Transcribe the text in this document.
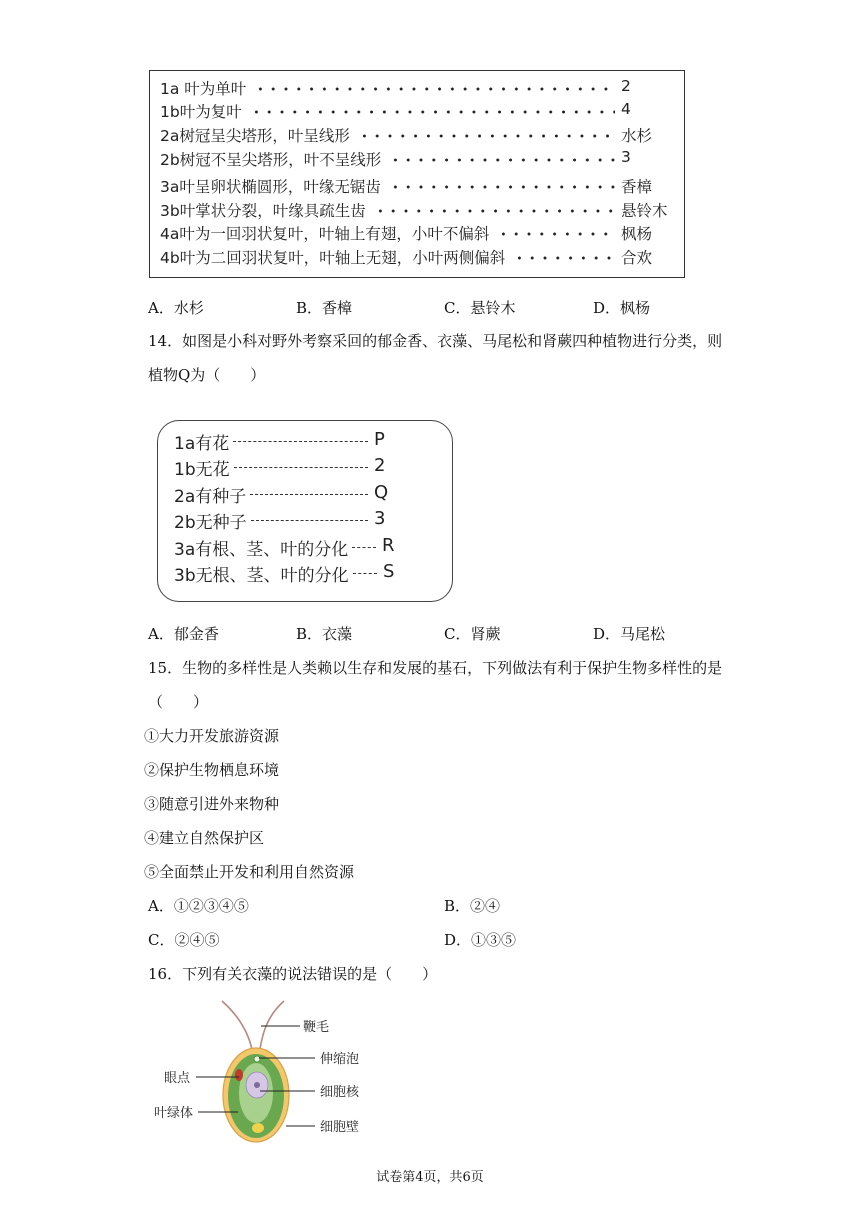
1a 叶为单叶	2
1b叶为复叶	4
2a树冠呈尖塔形，叶呈线形	水杉
2b树冠不呈尖塔形，叶不呈线形	3
3a叶呈卵状椭圆形，叶缘无锯齿	香樟
3b叶掌状分裂，叶缘具疏生齿	悬铃木
4a叶为一回羽状复叶，叶轴上有翅，小叶不偏斜	枫杨
4b叶为二回羽状复叶，叶轴上无翅，小叶两侧偏斜	合欢
A．水杉	B．香樟	C．悬铃木	D．枫杨
14．如图是小科对野外考察采回的郁金香、衣藻、马尾松和肾蕨四种植物进行分类，则
植物Q为（　　）
1a有花	P
1b无花	2
2a有种子	Q
2b无种子	3
3a有根、茎、叶的分化 R
3b无根、茎、叶的分化 S
A．郁金香	B．衣藻	C．肾蕨	D．马尾松
15．生物的多样性是人类赖以生存和发展的基石，下列做法有利于保护生物多样性的是
（　　）
①大力开发旅游资源
②保护生物栖息环境
③随意引进外来物种
④建立自然保护区
⑤全面禁止开发和利用自然资源
A．①②③④⑤	B．②④
C．②④⑤	D．①③⑤
16．下列有关衣藻的说法错误的是（　　）
鞭毛
伸缩泡
眼点
细胞核
叶绿体
细胞壁
试卷第4页，共6页
